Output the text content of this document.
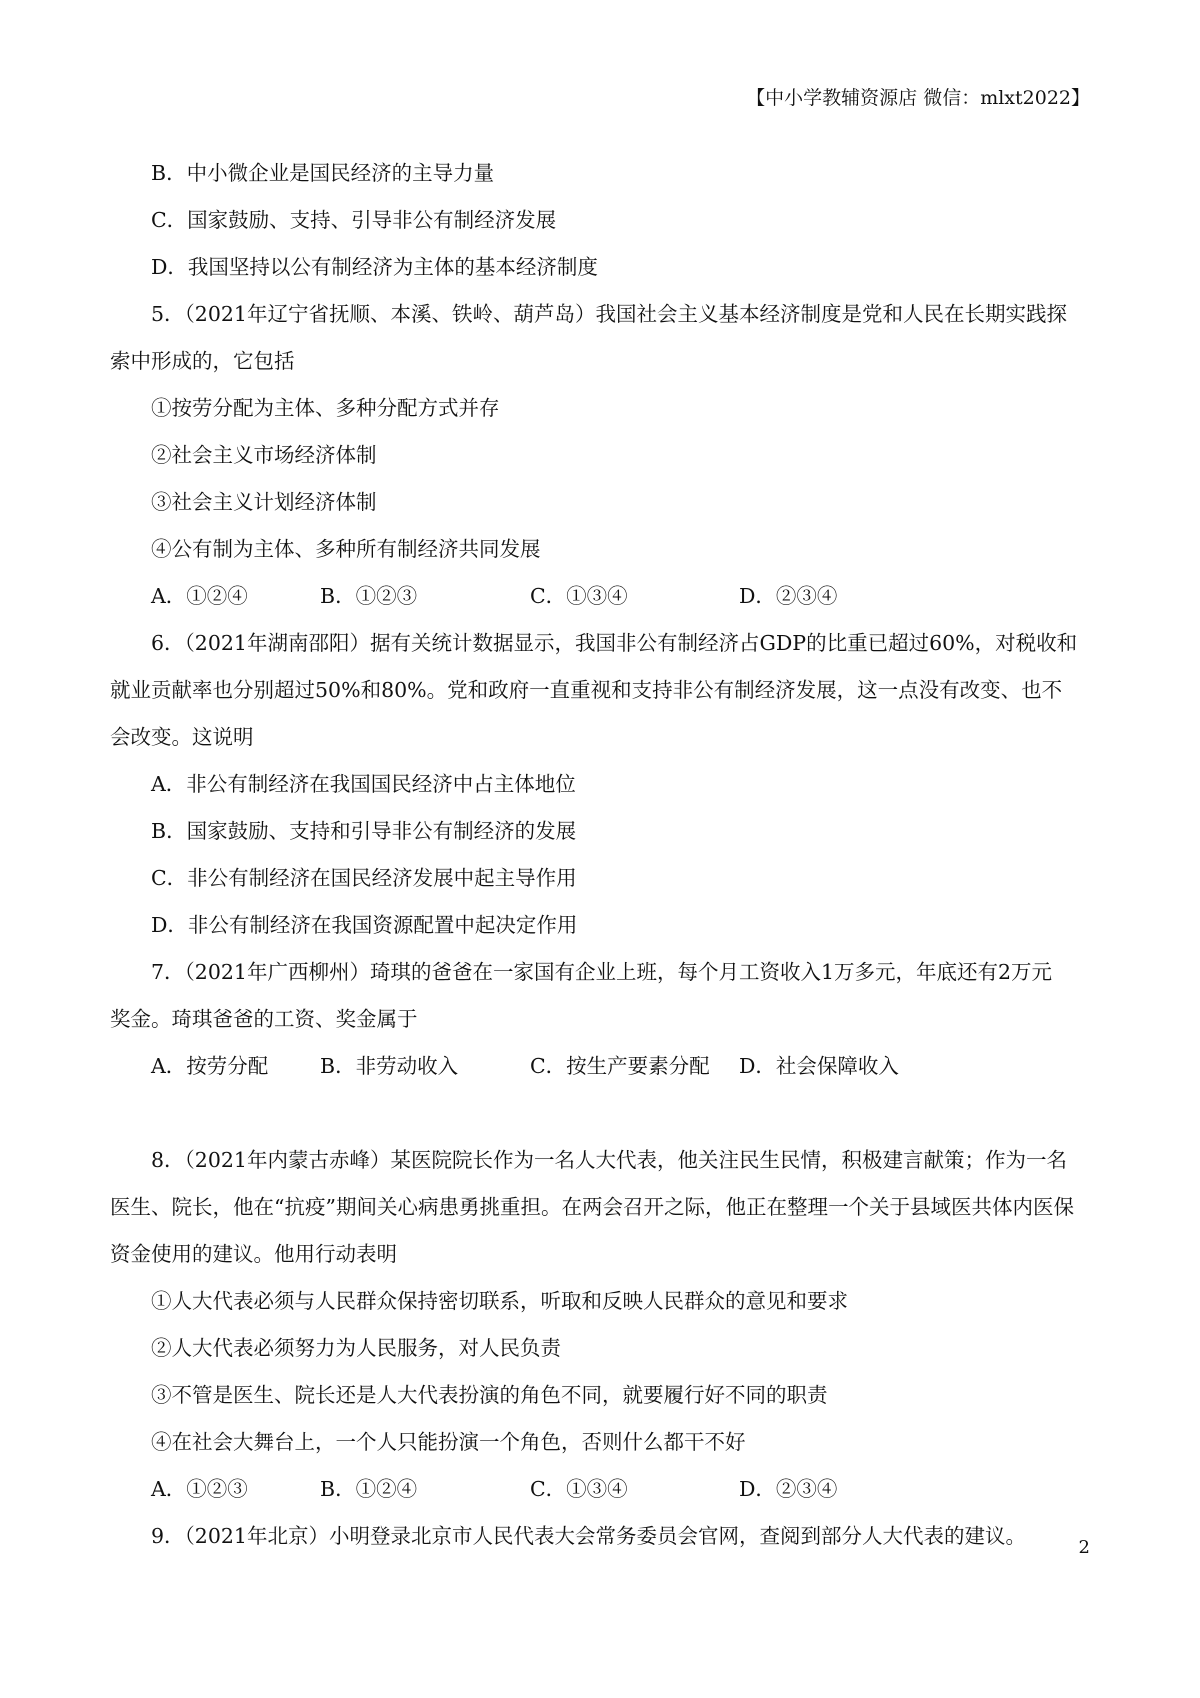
【中小学教辅资源店 微信：mlxt2022】
B．中小微企业是国民经济的主导力量
C．国家鼓励、支持、引导非公有制经济发展
D．我国坚持以公有制经济为主体的基本经济制度
5．（2021年辽宁省抚顺、本溪、铁岭、葫芦岛）我国社会主义基本经济制度是党和人民在长期实践探
索中形成的，它包括
①按劳分配为主体、多种分配方式并存
②社会主义市场经济体制
③社会主义计划经济体制
④公有制为主体、多种所有制经济共同发展
A．①②④	B．①②③	C．①③④	D．②③④
6．（2021年湖南邵阳）据有关统计数据显示，我国非公有制经济占GDP的比重已超过60%，对税收和
就业贡献率也分别超过50%和80%。党和政府一直重视和支持非公有制经济发展，这一点没有改变、也不
会改变。这说明
A．非公有制经济在我国国民经济中占主体地位
B．国家鼓励、支持和引导非公有制经济的发展
C．非公有制经济在国民经济发展中起主导作用
D．非公有制经济在我国资源配置中起决定作用
7．（2021年广西柳州）琦琪的爸爸在一家国有企业上班，每个月工资收入1万多元，年底还有2万元
奖金。琦琪爸爸的工资、奖金属于
A．按劳分配	B．非劳动收入	C．按生产要素分配 D．社会保障收入
8．（2021年内蒙古赤峰）某医院院长作为一名人大代表，他关注民生民情，积极建言献策；作为一名
医生、院长，他在“抗疫”期间关心病患勇挑重担。在两会召开之际，他正在整理一个关于县域医共体内医保
资金使用的建议。他用行动表明
①人大代表必须与人民群众保持密切联系，听取和反映人民群众的意见和要求
②人大代表必须努力为人民服务，对人民负责
③不管是医生、院长还是人大代表扮演的角色不同，就要履行好不同的职责
④在社会大舞台上，一个人只能扮演一个角色，否则什么都干不好
A．①②③	B．①②④	C．①③④	D．②③④
9．（2021年北京）小明登录北京市人民代表大会常务委员会官网，查阅到部分人大代表的建议。	2
